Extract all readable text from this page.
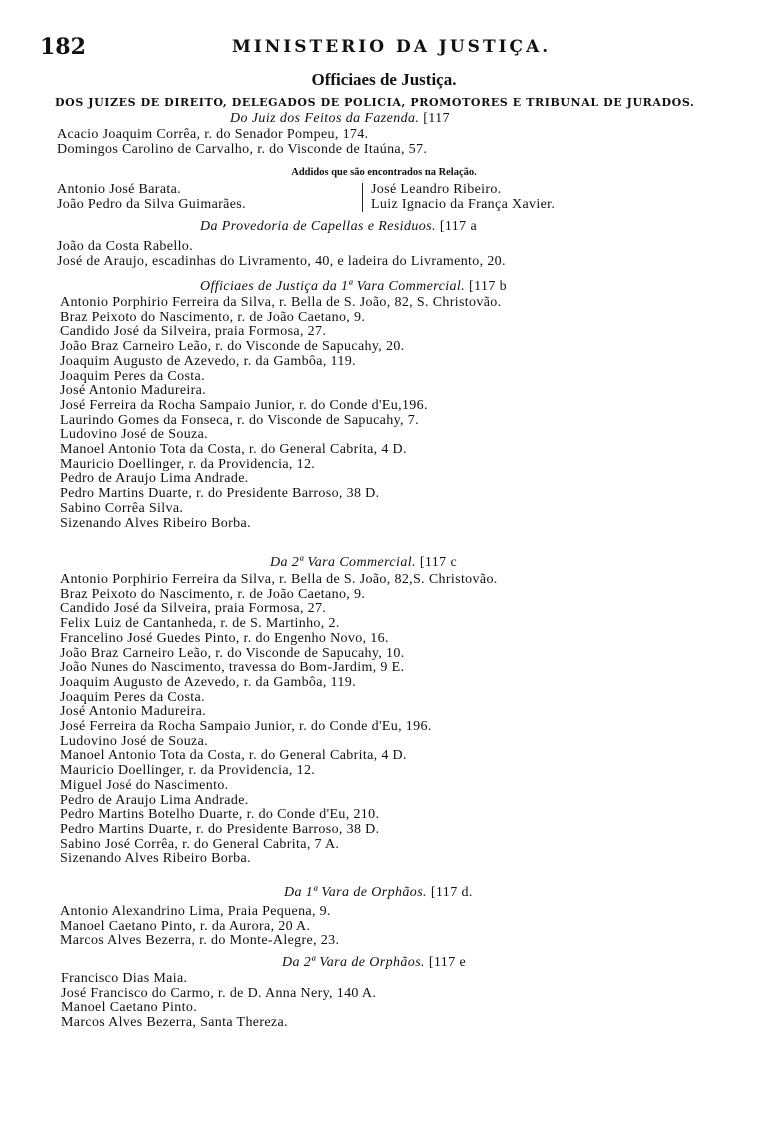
182	MINISTERIO DA JUSTIÇA.
Officiaes de Justiça.
DOS JUIZES DE DIREITO, DELEGADOS DE POLICIA, PROMOTORES E TRIBUNAL DE JURADOS.
Do Juiz dos Feitos da Fazenda. [117
Acacio Joaquim Corrêa, r. do Senador Pompeu, 174.
Domingos Carolino de Carvalho, r. do Visconde de Itaúna, 57.
Addidos que são encontrados na Relação.
Antonio José Barata.
João Pedro da Silva Guimarães.
José Leandro Ribeiro.
Luiz Ignacio da França Xavier.
Da Provedoria de Capellas e Residuos. [117 a
João da Costa Rabello.
José de Araujo, escadinhas do Livramento, 40, e ladeira do Livramento, 20.
Officiaes de Justiça da 1ª Vara Commercial. [117 b
Antonio Porphirio Ferreira da Silva, r. Bella de S. João, 82, S. Christovão.
Braz Peixoto do Nascimento, r. de João Caetano, 9.
Candido José da Silveira, praia Formosa, 27.
João Braz Carneiro Leão, r. do Visconde de Sapucahy, 20.
Joaquim Augusto de Azevedo, r. da Gambôa, 119.
Joaquim Peres da Costa.
José Antonio Madureira.
José Ferreira da Rocha Sampaio Junior, r. do Conde d'Eu,196.
Laurindo Gomes da Fonseca, r. do Visconde de Sapucahy, 7.
Ludovino José de Souza.
Manoel Antonio Tota da Costa, r. do General Cabrita, 4 D.
Mauricio Doellinger, r. da Providencia, 12.
Pedro de Araujo Lima Andrade.
Pedro Martins Duarte, r. do Presidente Barroso, 38 D.
Sabino Corrêa Silva.
Sizenando Alves Ribeiro Borba.
Da 2ª Vara Commercial. [117 c
Antonio Porphirio Ferreira da Silva, r. Bella de S. João, 82,S. Christovão.
Braz Peixoto do Nascimento, r. de João Caetano, 9.
Candido José da Silveira, praia Formosa, 27.
Felix Luiz de Cantanheda, r. de S. Martinho, 2.
Francelino José Guedes Pinto, r. do Engenho Novo, 16.
João Braz Carneiro Leão, r. do Visconde de Sapucahy, 10.
João Nunes do Nascimento, travessa do Bom-Jardim, 9 E.
Joaquim Augusto de Azevedo, r. da Gambôa, 119.
Joaquim Peres da Costa.
José Antonio Madureira.
José Ferreira da Rocha Sampaio Junior, r. do Conde d'Eu, 196.
Ludovino José de Souza.
Manoel Antonio Tota da Costa, r. do General Cabrita, 4 D.
Mauricio Doellinger, r. da Providencia, 12.
Miguel José do Nascimento.
Pedro de Araujo Lima Andrade.
Pedro Martins Botelho Duarte, r. do Conde d'Eu, 210.
Pedro Martins Duarte, r. do Presidente Barroso, 38 D.
Sabino José Corrêa, r. do General Cabrita, 7 A.
Sizenando Alves Ribeiro Borba.
Da 1ª Vara de Orphãos. [117 d.
Antonio Alexandrino Lima, Praia Pequena, 9.
Manoel Caetano Pinto, r. da Aurora, 20 A.
Marcos Alves Bezerra, r. do Monte-Alegre, 23.
Da 2ª Vara de Orphãos. [117 e
Francisco Dias Maia.
José Francisco do Carmo, r. de D. Anna Nery, 140 A.
Manoel Caetano Pinto.
Marcos Alves Bezerra, Santa Thereza.
